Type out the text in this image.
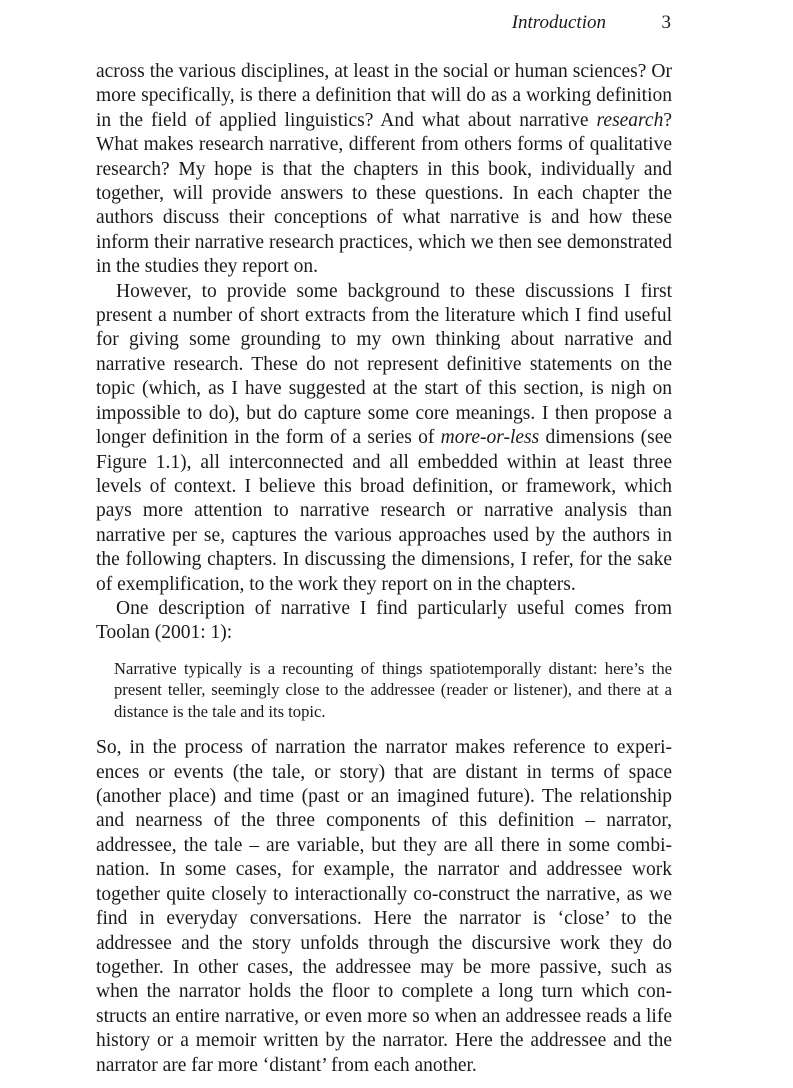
Introduction	3

across the various disciplines, at least in the social or human sciences? Or more specifically, is there a definition that will do as a working definition in the field of applied linguistics? And what about narrative research? What makes research narrative, different from others forms of qualitative research? My hope is that the chapters in this book, individually and together, will provide answers to these questions. In each chapter the authors discuss their conceptions of what narrative is and how these inform their narrative research practices, which we then see demonstrated in the studies they report on.

However, to provide some background to these discussions I first present a number of short extracts from the literature which I find useful for giving some grounding to my own thinking about narrative and narrative research. These do not represent definitive statements on the topic (which, as I have suggested at the start of this section, is nigh on impossible to do), but do capture some core meanings. I then propose a longer definition in the form of a series of more-or-less dimensions (see Figure 1.1), all interconnected and all embedded within at least three levels of context. I believe this broad definition, or framework, which pays more attention to narrative research or narrative analysis than narrative per se, captures the various approaches used by the authors in the following chapters. In discussing the dimensions, I refer, for the sake of exemplification, to the work they report on in the chapters.

One description of narrative I find particularly useful comes from Toolan (2001: 1):

Narrative typically is a recounting of things spatiotemporally distant: here’s the present teller, seemingly close to the addressee (reader or listener), and there at a distance is the tale and its topic.

So, in the process of narration the narrator makes reference to experiences or events (the tale, or story) that are distant in terms of space (another place) and time (past or an imagined future). The relationship and nearness of the three components of this definition – narrator, addressee, the tale – are variable, but they are all there in some combination. In some cases, for example, the narrator and addressee work together quite closely to interactionally co-construct the narrative, as we find in everyday conversations. Here the narrator is ‘close’ to the addressee and the story unfolds through the discursive work they do together. In other cases, the addressee may be more passive, such as when the narrator holds the floor to complete a long turn which constructs an entire narrative, or even more so when an addressee reads a life history or a memoir written by the narrator. Here the addressee and the narrator are far more ‘distant’ from each another.
